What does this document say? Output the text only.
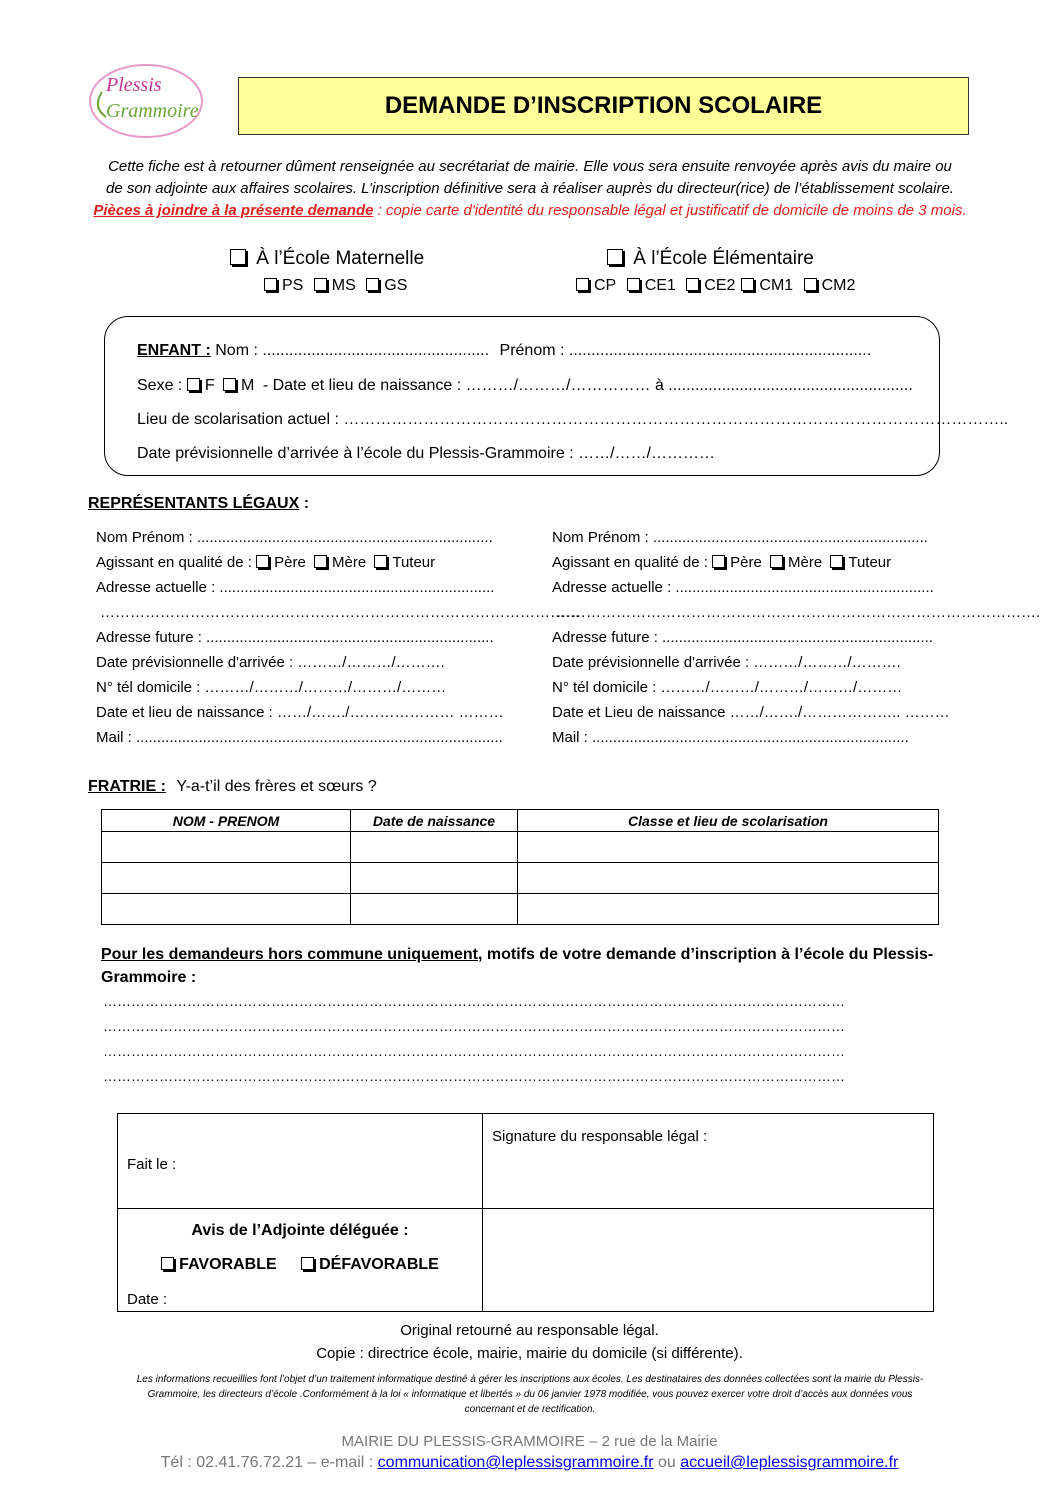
Plessis
Grammoire	DEMANDE D’INSCRIPTION SCOLAIRE
Cette fiche est à retourner dûment renseignée au secrétariat de mairie. Elle vous sera ensuite renvoyée après avis du maire ou
de son adjointe aux affaires scolaires. L’inscription définitive sera à réaliser auprès du directeur(rice) de l’établissement scolaire.
Pièces à joindre à la présente demande : copie carte d'identité du responsable légal et justificatif de domicile de moins de 3 mois.
À l’École Maternelle
PS MS GS
À l’École Élémentaire
CP CE1 CE2 CM1 CM2
ENFANT : Nom : ................................................... Prénom : ....................................................................
Sexe : F M - Date et lieu de naissance : ………/………/…………… à .......................................................
Lieu de scolarisation actuel : ……………………………………………………………………………………………………………..
Date prévisionnelle d’arrivée à l’école du Plessis-Grammoire : ……/……/…………
REPRÉSENTANTS LÉGAUX :
Nom Prénom : .......................................................................
Agissant en qualité de : Père Mère Tuteur
Adresse actuelle : ..................................................................
……………………………………………………………………………………
Adresse future : .....................................................................
Date prévisionnelle d'arrivée : ………/………/……….
N° tél domicile : ………/………/………/………/………
Date et lieu de naissance : ……/……./………………… ………
Mail : ........................................................................................
Nom Prénom : ..................................................................
Agissant en qualité de : Père Mère Tuteur
Adresse actuelle : ..............................................................
…………………………………………………………………………………….
Adresse future : .................................................................
Date prévisionnelle d'arrivée : ………/………/……….
N° tél domicile : ………/………/………/………/………
Date et Lieu de naissance ……/……./……………….. ………
Mail : ............................................................................
FRATRIE : Y-a-t’il des frères et sœurs ?
NOM - PRENOM	Date de naissance	Classe et lieu de scolarisation

Pour les demandeurs hors commune uniquement, motifs de votre demande d’inscription à l’école du Plessis-
Grammoire :
……………………………………………………………………………………………………………………………………………
……………………………………………………………………………………………………………………………………………
……………………………………………………………………………………………………………………………………………
……………………………………………………………………………………………………………………………………………
Fait le :	Signature du responsable légal :

Avis de l’Adjointe déléguée :
FAVORABLE DÉFAVORABLE
Date :	

Original retourné au responsable légal.
Copie : directrice école, mairie, mairie du domicile (si différente).
Les informations recueillies font l’objet d’un traitement informatique destiné à gérer les inscriptions aux écoles. Les destinataires des données collectées sont la mairie du Plessis-
Grammoire, les directeurs d’école .Conformément à la loi « informatique et libertés » du 06 janvier 1978 modifiée, vous pouvez exercer votre droit d’accès aux données vous
concernant et de rectification.
MAIRIE DU PLESSIS-GRAMMOIRE – 2 rue de la Mairie
Tél : 02.41.76.72.21 – e-mail : communication@leplessisgrammoire.fr ou accueil@leplessisgrammoire.fr
